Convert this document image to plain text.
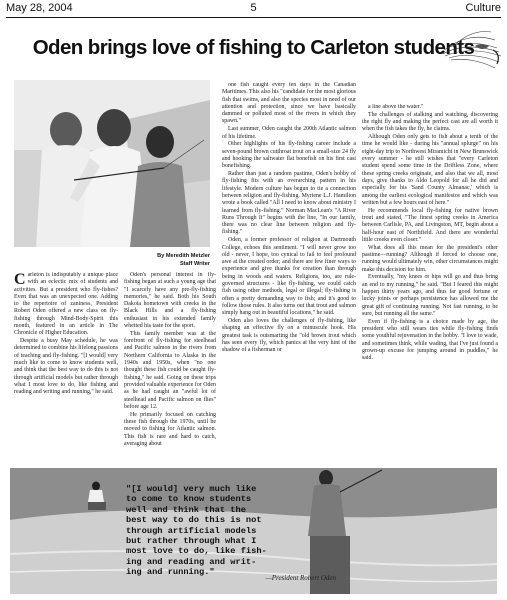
May 28, 2004	5	Culture
Oden brings love of fishing to Carleton students
By Meredith Metzler
Staff Writer

Carleton is indisputably a unique place with an eclectic mix of students and activities. But a president who fly-fishes? Even that was an unexpected one. Adding to the repertoire of zaniness, President Robert Oden offered a new class on fly-fishing through Mind-Body-Spirit this month, featured in an article in The Chronicle of Higher Education.

Despite a busy May schedule, he was determined to combine his lifelong passions of teaching and fly-fishing. "[I would] very much like to come to know students well, and think that the best way to do this is not through artificial models but rather through what I most love to do, like fishing and reading and writing and running," he said.

Oden's personal interest in fly-fishing began at such a young age that "I scarcely have any pre-fly-fishing memories," he said. Both his South Dakota hometown with creeks in the Black Hills and a fly-fishing enthusiast in his extended family whetted his taste for the sport.

This family member was at the forefront of fly-fishing for steelhead and Pacific salmon in the rivers from Northern California to Alaska in the 1940s and 1950s, when "no one thought these fish could be caught fly-fishing," he said. Going on these trips provided valuable experience for Oden as he had caught an "awful lot of steelhead and Pacific salmon on flies" before age 12.

He primarily focused on catching these fish through the 1970s, until he moved to fishing for Atlantic salmon. This fish is rare and hard to catch, averaging about

one fish caught every ten days in the Canadian Maritimes. This also his "candidate for the most glorious fish that swims, and also the species most in need of our attention and protection, since we have basically dammed or polluted most of the rivers in which they spawn."

Last summer, Oden caught the 200th Atlantic salmon of his lifetime.

Other highlights of his fly-fishing career include a seven-pound brown cutthroat trout on a small-size 24 fly and hooking the saltwater flat bonefish on his first cast bonefishing.

Rather than just a random pastime, Oden's hobby of fly-fishing fits with an overarching pattern in his lifestyle. Modern culture has begun to tie a connection between religion and fly-fishing. Myriene L.J. Hamilton wrote a book called "All I need to know about ministry I learned from fly-fishing." Norman MacLean's "A River Runs Through It" begins with the line, "In our family, there was no clear line between religion and fly-fishing."

Oden, a former professor of religion at Dartmouth College, echoes this sentiment. "I will never grow too old - never, I hope, too cynical to fail to feel profound awe at the created order; and there are few finer ways to experience and give thanks for creation than through being in woods and waters. Religions, too, are rule-governed structures - like fly-fishing, we could catch fish using other methods, legal or illegal; fly-fishing is often a pretty demanding way to fish; and it's good to follow those rules. It also turns out that trout and salmon simply hang out in beautiful locations," he said.

Oden also loves the challenges of fly-fishing, like shaping an effective fly on a minuscule hook. His greatest task is outsmarting the "old brown trout which has seen every fly, which panics at the very hint of the shadow of a fisherman or

a line above the water."

The challenges of stalking and watching, discovering the right fly and making the perfect cast are all worth it when the fish takes the fly, he claims.

Although Oden only gets to fish about a tenth of the time he would like - during his "annual splurge" on his eight-day trip to Northwest Miramichi in New Brunswick every summer - he still wishes that "every Carleton student spend some time in the Driftless Zone, where these spring creeks originate, and also that we all, most days, give thanks to Aldo Leopold for all he did and especially for his 'Sand County Almanac,' which is among the earliest ecological manifestos and which was written but a few hours east of here."

He recommends local fly-fishing for native brown trout and stated, "The finest spring creeks in America between Carlisle, PA, and Livingston, MT, begin about a half-hour east of Northfield. And there are wonderful little creeks even closer."

What does all this mean for the president's other pastime—running? Although if forced to choose one, running would ultimately win, other circumstances might make this decision for him.

Eventually, "my knees or hips will go and thus bring an end to my running," he said. "But I feared this might happen thirty years ago, and thus far good fortune or lucky joints or perhaps persistence has allowed me the great gift of continuing running. Not fast running, to be sure, but running all the same."

Even if fly-fishing is a choice made by age, the president who still wears ties while fly-fishing finds some youthful rejuvenation in the hobby. "I love to wade, and sometimes think, while wading, that I've just found a grown-up excuse for jumping around in puddles," he said.

"[I would] very much like
to come to know students
well and think that the
best way to do this is not
through artificial models
but rather through what I
most love to do, like fish-
ing and reading and writ-
ing and running."
—President Robert Oden
